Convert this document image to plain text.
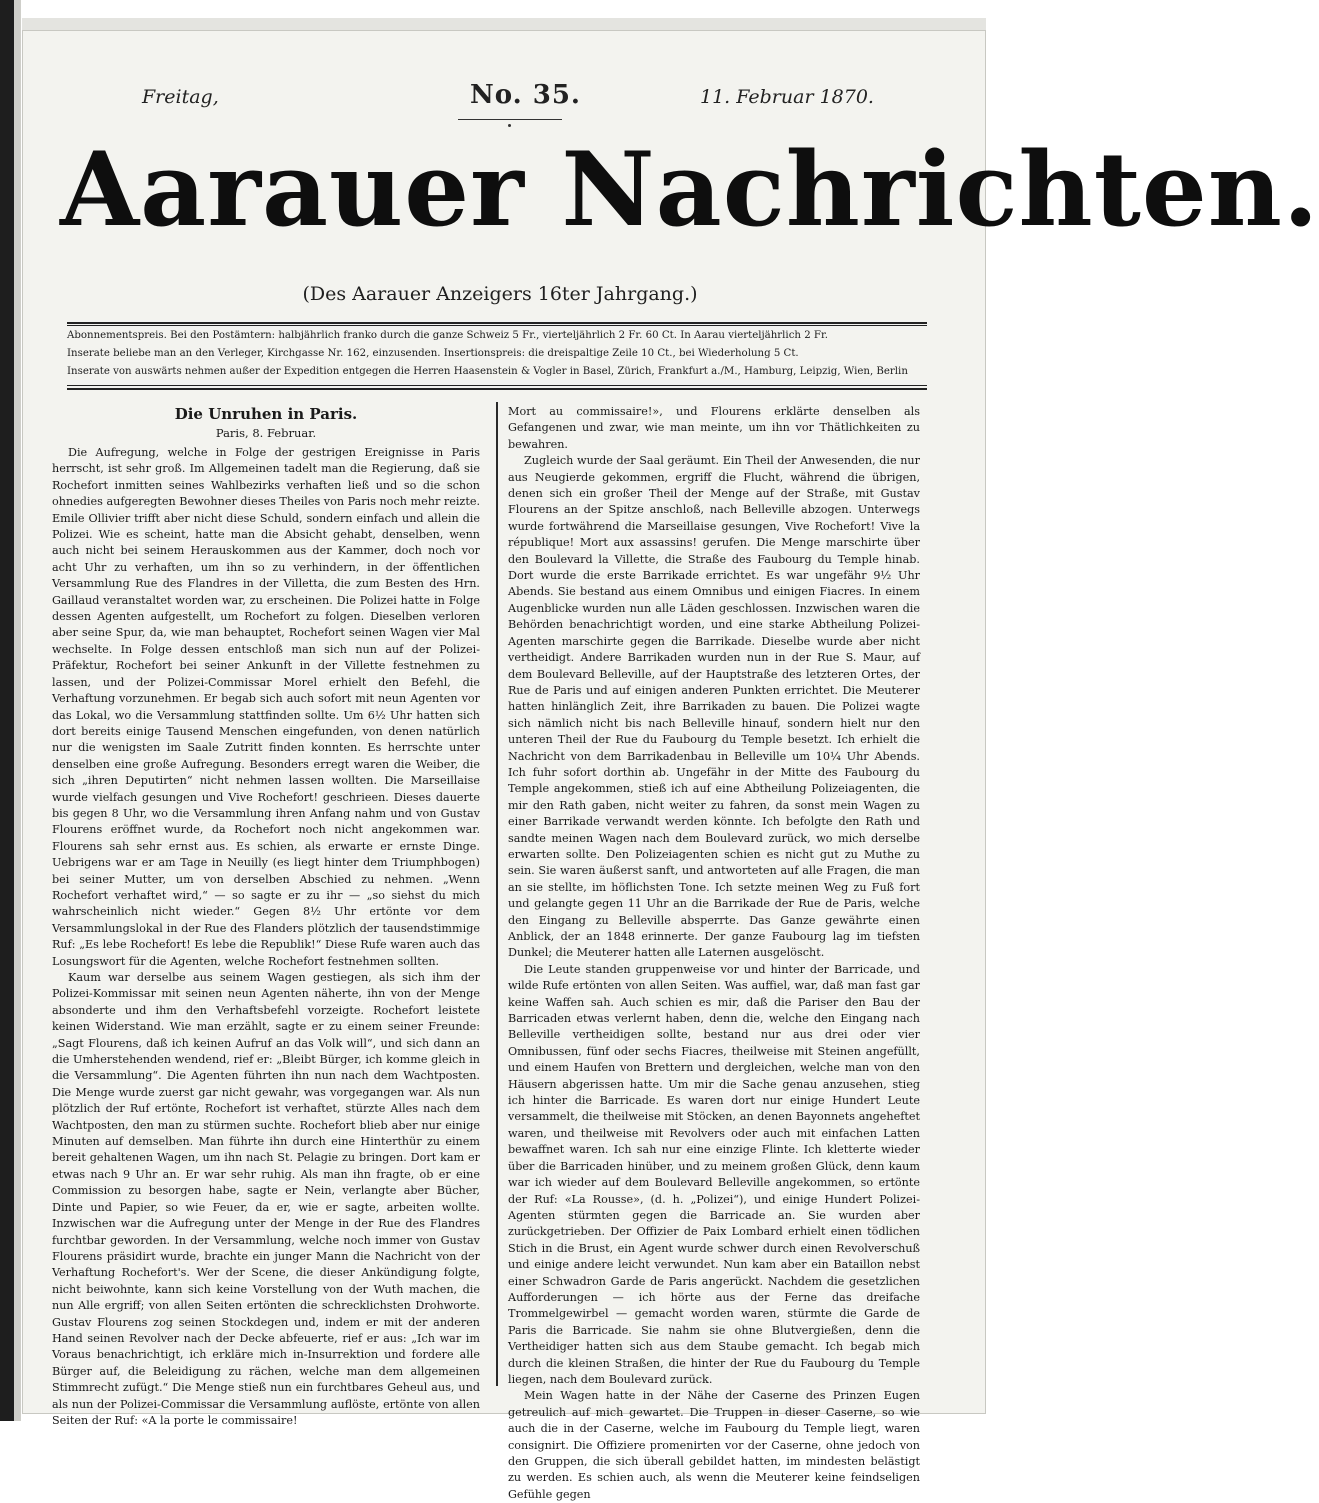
Freitag,	No. 35.	11. Februar 1870.
Aarauer Nachrichten.
(Des Aarauer Anzeigers 16ter Jahrgang.)
Abonnementspreis. Bei den Postämtern: halbjährlich franko durch die ganze Schweiz 5 Fr., vierteljährlich 2 Fr. 60 Ct. In Aarau vierteljährlich 2 Fr.
Inserate beliebe man an den Verleger, Kirchgasse Nr. 162, einzusenden. Insertionspreis: die dreispaltige Zeile 10 Ct., bei Wiederholung 5 Ct.
Inserate von auswärts nehmen außer der Expedition entgegen die Herren Haasenstein & Vogler in Basel, Zürich, Frankfurt a./M., Hamburg, Leipzig, Wien, Berlin
Die Unruhen in Paris.
Paris, 8. Februar.

Die Aufregung, welche in Folge der gestrigen Ereignisse in Paris herrscht, ist sehr groß. Im Allgemeinen tadelt man die Regierung, daß sie Rochefort inmitten seines Wahlbezirks verhaften ließ und so die schon ohnedies aufgeregten Bewohner dieses Theiles von Paris noch mehr reizte. Emile Ollivier trifft aber nicht diese Schuld, sondern einfach und allein die Polizei. Wie es scheint, hatte man die Absicht gehabt, denselben, wenn auch nicht bei seinem Herauskommen aus der Kammer, doch noch vor acht Uhr zu verhaften, um ihn so zu verhindern, in der öffentlichen Versammlung Rue des Flandres in der Villetta, die zum Besten des Hrn. Gaillaud veranstaltet worden war, zu erscheinen. Die Polizei hatte in Folge dessen Agenten aufgestellt, um Rochefort zu folgen. Dieselben verloren aber seine Spur, da, wie man behauptet, Rochefort seinen Wagen vier Mal wechselte. In Folge dessen entschloß man sich nun auf der Polizei-Präfektur, Rochefort bei seiner Ankunft in der Villette festnehmen zu lassen, und der Polizei-Commissar Morel erhielt den Befehl, die Verhaftung vorzunehmen. Er begab sich auch sofort mit neun Agenten vor das Lokal, wo die Versammlung stattfinden sollte. Um 6½ Uhr hatten sich dort bereits einige Tausend Menschen eingefunden, von denen natürlich nur die wenigsten im Saale Zutritt finden konnten. Es herrschte unter denselben eine große Aufregung. Besonders erregt waren die Weiber, die sich „ihren Deputirten“ nicht nehmen lassen wollten. Die Marseillaise wurde vielfach gesungen und Vive Rochefort! geschrieen. Dieses dauerte bis gegen 8 Uhr, wo die Versammlung ihren Anfang nahm und von Gustav Flourens eröffnet wurde, da Rochefort noch nicht angekommen war. Flourens sah sehr ernst aus. Es schien, als erwarte er ernste Dinge. Uebrigens war er am Tage in Neuilly (es liegt hinter dem Triumphbogen) bei seiner Mutter, um von derselben Abschied zu nehmen. „Wenn Rochefort verhaftet wird,“ — so sagte er zu ihr — „so siehst du mich wahrscheinlich nicht wieder.“ Gegen 8½ Uhr ertönte vor dem Versammlungslokal in der Rue des Flanders plötzlich der tausendstimmige Ruf: „Es lebe Rochefort! Es lebe die Republik!“ Diese Rufe waren auch das Losungswort für die Agenten, welche Rochefort festnehmen sollten.

Kaum war derselbe aus seinem Wagen gestiegen, als sich ihm der Polizei-Kommissar mit seinen neun Agenten näherte, ihn von der Menge absonderte und ihm den Verhaftsbefehl vorzeigte. Rochefort leistete keinen Widerstand. Wie man erzählt, sagte er zu einem seiner Freunde: „Sagt Flourens, daß ich keinen Aufruf an das Volk will“, und sich dann an die Umherstehenden wendend, rief er: „Bleibt Bürger, ich komme gleich in die Versammlung“. Die Agenten führten ihn nun nach dem Wachtposten. Die Menge wurde zuerst gar nicht gewahr, was vorgegangen war. Als nun plötzlich der Ruf ertönte, Rochefort ist verhaftet, stürzte Alles nach dem Wachtposten, den man zu stürmen suchte. Rochefort blieb aber nur einige Minuten auf demselben. Man führte ihn durch eine Hinterthür zu einem bereit gehaltenen Wagen, um ihn nach St. Pelagie zu bringen. Dort kam er etwas nach 9 Uhr an. Er war sehr ruhig. Als man ihn fragte, ob er eine Commission zu besorgen habe, sagte er Nein, verlangte aber Bücher, Dinte und Papier, so wie Feuer, da er, wie er sagte, arbeiten wollte. Inzwischen war die Aufregung unter der Menge in der Rue des Flandres furchtbar geworden. In der Versammlung, welche noch immer von Gustav Flourens präsidirt wurde, brachte ein junger Mann die Nachricht von der Verhaftung Rochefort's. Wer der Scene, die dieser Ankündigung folgte, nicht beiwohnte, kann sich keine Vorstellung von der Wuth machen, die nun Alle ergriff; von allen Seiten ertönten die schrecklichsten Drohworte. Gustav Flourens zog seinen Stockdegen und, indem er mit der anderen Hand seinen Revolver nach der Decke abfeuerte, rief er aus: „Ich war im Voraus benachrichtigt, ich erkläre mich in-Insurrektion und fordere alle Bürger auf, die Beleidigung zu rächen, welche man dem allgemeinen Stimmrecht zufügt.“ Die Menge stieß nun ein furchtbares Geheul aus, und als nun der Polizei-Commissar die Versammlung auflöste, ertönte von allen Seiten der Ruf: «A la porte le commissaire!

Mort au commissaire!», und Flourens erklärte denselben als Gefangenen und zwar, wie man meinte, um ihn vor Thätlichkeiten zu bewahren.

Zugleich wurde der Saal geräumt. Ein Theil der Anwesenden, die nur aus Neugierde gekommen, ergriff die Flucht, während die übrigen, denen sich ein großer Theil der Menge auf der Straße, mit Gustav Flourens an der Spitze anschloß, nach Belleville abzogen. Unterwegs wurde fortwährend die Marseillaise gesungen, Vive Rochefort! Vive la république! Mort aux assassins! gerufen. Die Menge marschirte über den Boulevard la Villette, die Straße des Faubourg du Temple hinab. Dort wurde die erste Barrikade errichtet. Es war ungefähr 9½ Uhr Abends. Sie bestand aus einem Omnibus und einigen Fiacres. In einem Augenblicke wurden nun alle Läden geschlossen. Inzwischen waren die Behörden benachrichtigt worden, und eine starke Abtheilung Polizei-Agenten marschirte gegen die Barrikade. Dieselbe wurde aber nicht vertheidigt. Andere Barrikaden wurden nun in der Rue S. Maur, auf dem Boulevard Belleville, auf der Hauptstraße des letzteren Ortes, der Rue de Paris und auf einigen anderen Punkten errichtet. Die Meuterer hatten hinlänglich Zeit, ihre Barrikaden zu bauen. Die Polizei wagte sich nämlich nicht bis nach Belleville hinauf, sondern hielt nur den unteren Theil der Rue du Faubourg du Temple besetzt. Ich erhielt die Nachricht von dem Barrikadenbau in Belleville um 10¼ Uhr Abends. Ich fuhr sofort dorthin ab. Ungefähr in der Mitte des Faubourg du Temple angekommen, stieß ich auf eine Abtheilung Polizeiagenten, die mir den Rath gaben, nicht weiter zu fahren, da sonst mein Wagen zu einer Barrikade verwandt werden könnte. Ich befolgte den Rath und sandte meinen Wagen nach dem Boulevard zurück, wo mich derselbe erwarten sollte. Den Polizeiagenten schien es nicht gut zu Muthe zu sein. Sie waren äußerst sanft, und antworteten auf alle Fragen, die man an sie stellte, im höflichsten Tone. Ich setzte meinen Weg zu Fuß fort und gelangte gegen 11 Uhr an die Barrikade der Rue de Paris, welche den Eingang zu Belleville absperrte. Das Ganze gewährte einen Anblick, der an 1848 erinnerte. Der ganze Faubourg lag im tiefsten Dunkel; die Meuterer hatten alle Laternen ausgelöscht.

Die Leute standen gruppenweise vor und hinter der Barricade, und wilde Rufe ertönten von allen Seiten. Was auffiel, war, daß man fast gar keine Waffen sah. Auch schien es mir, daß die Pariser den Bau der Barricaden etwas verlernt haben, denn die, welche den Eingang nach Belleville vertheidigen sollte, bestand nur aus drei oder vier Omnibussen, fünf oder sechs Fiacres, theilweise mit Steinen angefüllt, und einem Haufen von Brettern und dergleichen, welche man von den Häusern abgerissen hatte. Um mir die Sache genau anzusehen, stieg ich hinter die Barricade. Es waren dort nur einige Hundert Leute versammelt, die theilweise mit Stöcken, an denen Bayonnets angeheftet waren, und theilweise mit Revolvers oder auch mit einfachen Latten bewaffnet waren. Ich sah nur eine einzige Flinte. Ich kletterte wieder über die Barricaden hinüber, und zu meinem großen Glück, denn kaum war ich wieder auf dem Boulevard Belleville angekommen, so ertönte der Ruf: «La Rousse», (d. h. „Polizei“), und einige Hundert Polizei-Agenten stürmten gegen die Barricade an. Sie wurden aber zurückgetrieben. Der Offizier de Paix Lombard erhielt einen tödlichen Stich in die Brust, ein Agent wurde schwer durch einen Revolverschuß und einige andere leicht verwundet. Nun kam aber ein Bataillon nebst einer Schwadron Garde de Paris angerückt. Nachdem die gesetzlichen Aufforderungen — ich hörte aus der Ferne das dreifache Trommelgewirbel — gemacht worden waren, stürmte die Garde de Paris die Barricade. Sie nahm sie ohne Blutvergießen, denn die Vertheidiger hatten sich aus dem Staube gemacht. Ich begab mich durch die kleinen Straßen, die hinter der Rue du Faubourg du Temple liegen, nach dem Boulevard zurück.

Mein Wagen hatte in der Nähe der Caserne des Prinzen Eugen getreulich auf mich gewartet. Die Truppen in dieser Caserne, so wie auch die in der Caserne, welche im Faubourg du Temple liegt, waren consignirt. Die Offiziere promenirten vor der Caserne, ohne jedoch von den Gruppen, die sich überall gebildet hatten, im mindesten belästigt zu werden. Es schien auch, als wenn die Meuterer keine feindseligen Gefühle gegen
